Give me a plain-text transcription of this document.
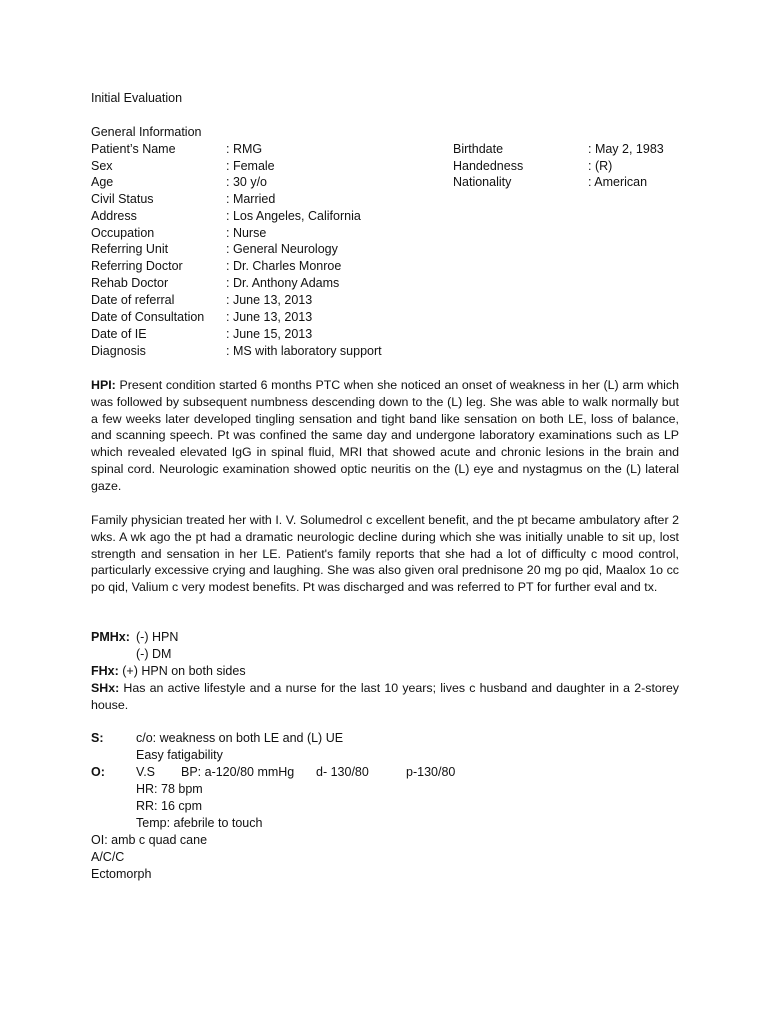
Initial Evaluation
General Information
Patient’s Name	: RMG
Sex	: Female
Age	: 30 y/o
Civil Status	: Married
Address	: Los Angeles, California
Occupation	: Nurse
Referring Unit	: General Neurology
Referring Doctor	: Dr. Charles Monroe
Rehab Doctor	: Dr. Anthony Adams
Date of referral	: June 13, 2013
Date of Consultation : June 13, 2013
Date of IE	: June 15, 2013
Diagnosis	: MS with laboratory support
Birthdate	: May 2, 1983
Handedness	: (R)
Nationality	: American

HPI: Present condition started 6 months PTC when she noticed an onset of weakness in her (L) arm which was followed by subsequent numbness descending down to the (L) leg. She was able to walk normally but a few weeks later developed tingling sensation and tight band like sensation on both LE, loss of balance, and scanning speech. Pt was confined the same day and undergone laboratory examinations such as LP which revealed elevated IgG in spinal fluid, MRI that showed acute and chronic lesions in the brain and spinal cord. Neurologic examination showed optic neuritis on the (L) eye and nystagmus on the (L) lateral gaze.

Family physician treated her with I. V. Solumedrol c excellent benefit, and the pt became ambulatory after 2 wks. A wk ago the pt had a dramatic neurologic decline during which she was initially unable to sit up, lost strength and sensation in her LE. Patient's family reports that she had a lot of difficulty c mood control, particularly excessive crying and laughing. She was also given oral prednisone 20 mg po qid, Maalox 1o cc po qid, Valium c very modest benefits. Pt was discharged and was referred to PT for further eval and tx.

PMHx: (-) HPN
(-) DM
FHx: (+) HPN on both sides

SHx: Has an active lifestyle and a nurse for the last 10 years; lives c husband and daughter in a 2-storey house.

S:	c/o: weakness on both LE and (L) UE
Easy fatigability
O: V.S BP: a-120/80 mmHg d- 130/80	p-130/80
HR: 78 bpm
RR: 16 cpm
Temp: afebrile to touch
OI: amb c quad cane
A/C/C
Ectomorph
